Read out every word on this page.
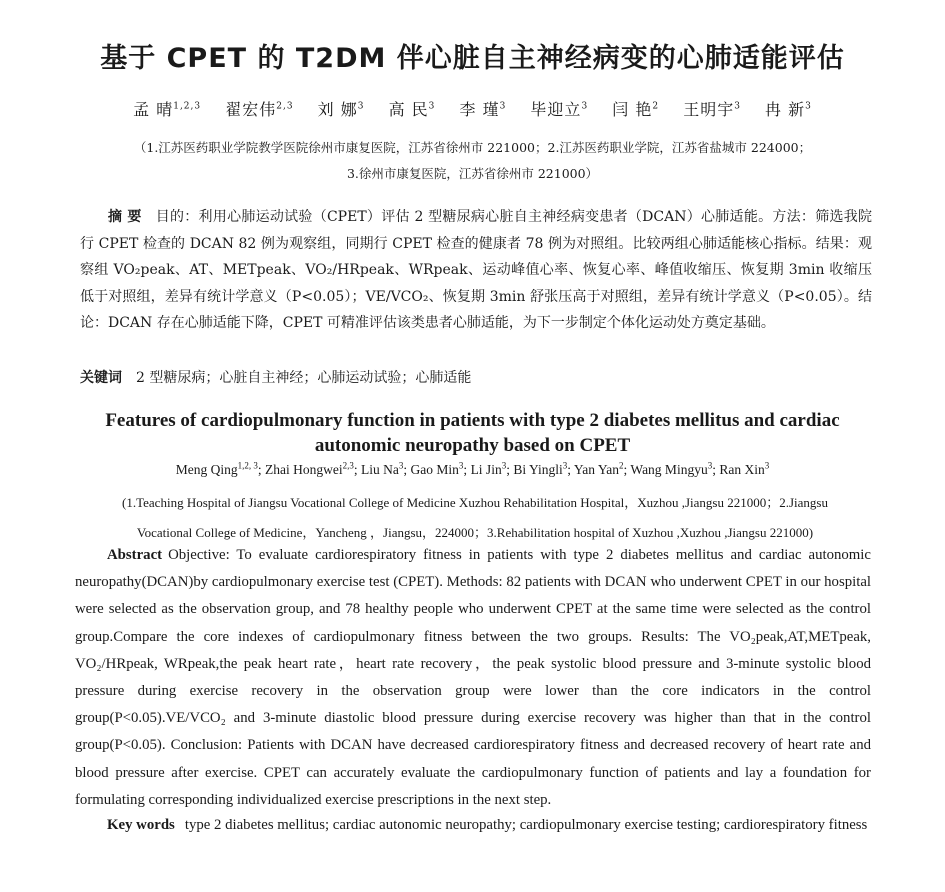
基于 CPET 的 T2DM 伴心脏自主神经病变的心肺适能评估
孟 晴$^{1,2,3}$ 翟宏伟$^{2,3}$ 刘 娜$^3$ 高 民$^3$ 李 瑾$^3$ 毕迎立$^3$ 闫 艳$^2$ 王明宇$^3$ 冉 新$^3$
（1.江苏医药职业学院教学医院徐州市康复医院，江苏省徐州市 221000；2.江苏医药职业学院，江苏省盐城市 224000；
3.徐州市康复医院，江苏省徐州市 221000）
摘 要 目的：利用心肺运动试验（CPET）评估 2 型糖尿病心脏自主神经病变患者（DCAN）心肺适能。方法：筛选我院行 CPET 检查的 DCAN 82 例为观察组，同期行 CPET 检查的健康者 78 例为对照组。比较两组心肺适能核心指标。结果：观察组 VO₂peak、AT、METpeak、VO₂/HRpeak、WRpeak、运动峰值心率、恢复心率、峰值收缩压、恢复期 3min 收缩压低于对照组，差异有统计学意义（P<0.05）；VE/VCO₂、恢复期 3min 舒张压高于对照组，差异有统计学意义（P<0.05）。结论：DCAN 存在心肺适能下降，CPET 可精准评估该类患者心肺适能，为下一步制定个体化运动处方奠定基础。
关键词 2 型糖尿病；心脏自主神经；心肺运动试验；心肺适能
Features of cardiopulmonary function in patients with type 2 diabetes mellitus and cardiac
autonomic neuropathy based on CPET
Meng Qing$^{1,2, 3}$; Zhai Hongwei$^{2,3}$; Liu Na$^3$; Gao Min$^3$; Li Jin$^3$; Bi Yingli$^3$; Yan Yan$^2$; Wang Mingyu$^3$; Ran Xin$^3$
(1.Teaching Hospital of Jiangsu Vocational College of Medicine Xuzhou Rehabilitation Hospital，Xuzhou ,Jiangsu 221000；2.Jiangsu
Vocational College of Medicine，Yancheng ，Jiangsu，224000；3.Rehabilitation hospital of Xuzhou ,Xuzhou ,Jiangsu 221000)
Abstract Objective: To evaluate cardiorespiratory fitness in patients with type 2 diabetes mellitus and cardiac autonomic neuropathy(DCAN)by cardiopulmonary exercise test (CPET). Methods: 82 patients with DCAN who underwent CPET in our hospital were selected as the observation group, and 78 healthy people who underwent CPET at the same time were selected as the control group.Compare the core indexes of cardiopulmonary fitness between the two groups. Results: The VO₂peak,AT,METpeak, VO₂/HRpeak, WRpeak,the peak heart rate，heart rate recovery，the peak systolic blood pressure and 3-minute systolic blood pressure during exercise recovery in the observation group were lower than the core indicators in the control group(P<0.05).VE/VCO₂ and 3-minute diastolic blood pressure during exercise recovery was higher than that in the control group(P<0.05). Conclusion: Patients with DCAN have decreased cardiorespiratory fitness and decreased recovery of heart rate and blood pressure after exercise. CPET can accurately evaluate the cardiopulmonary function of patients and lay a foundation for formulating corresponding individualized exercise prescriptions in the next step.
Key words type 2 diabetes mellitus; cardiac autonomic neuropathy; cardiopulmonary exercise testing; cardiorespiratory fitness
